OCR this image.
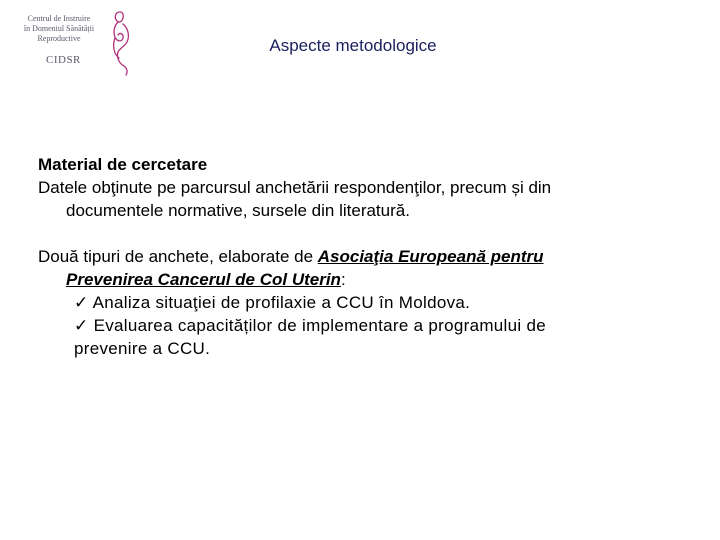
Centrul de Instruire
în Domeniul Sănătății
Reproductive
CIDSR
Aspecte metodologice

Material de cercetare

Datele obţinute pe parcursul anchetării respondenţilor, precum și din

documentele normative, sursele din literatură.

Două tipuri de anchete, elaborate de Asociaţia Europeană pentru

Prevenirea Cancerul de Col Uterin:

✓ Analiza situaţiei de profilaxie a CCU în Moldova.

✓ Evaluarea capacităților de implementare a programului de

prevenire a CCU.
